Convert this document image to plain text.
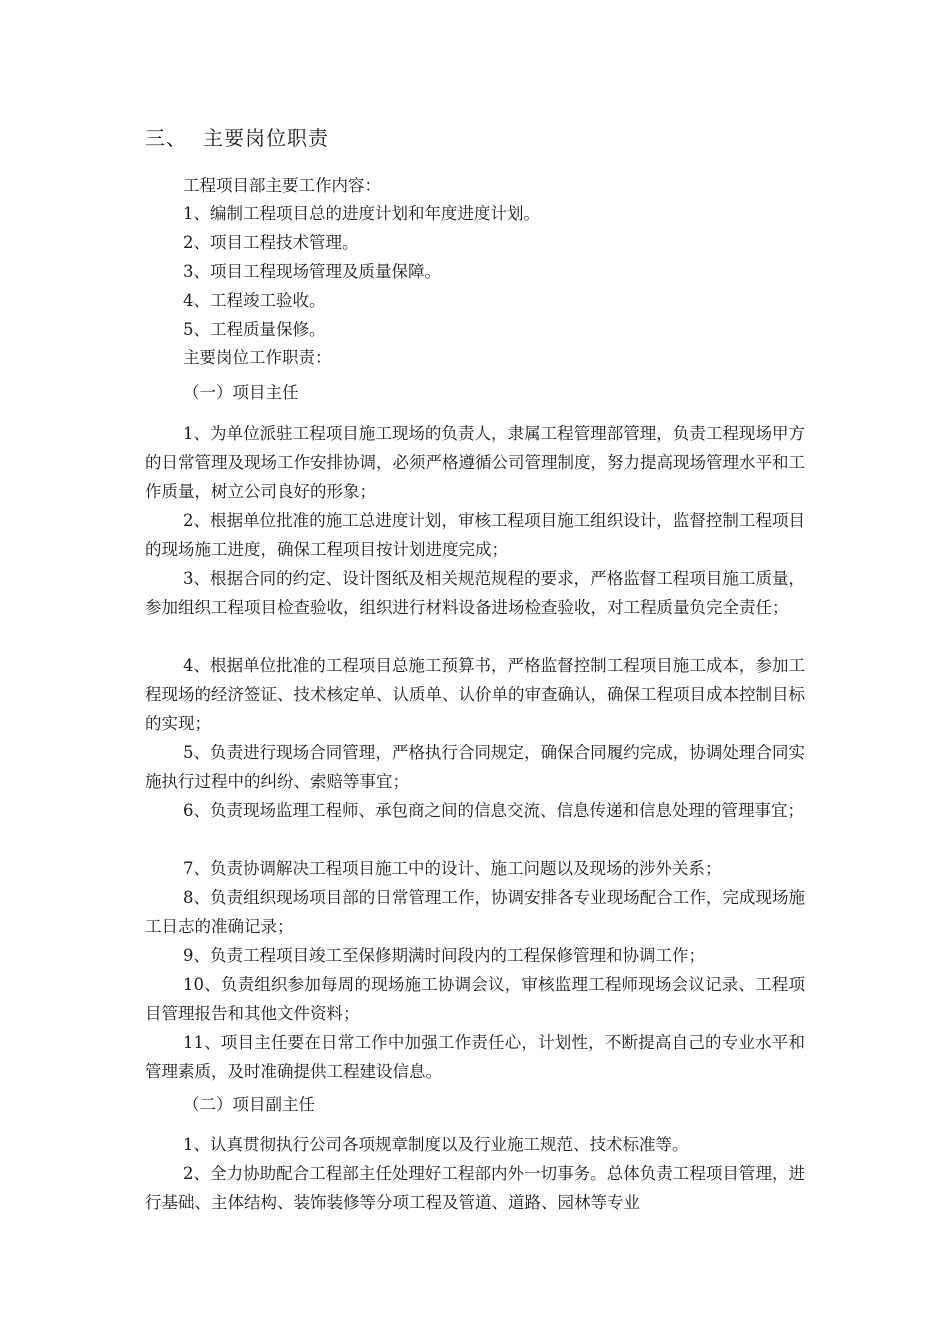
三、 主要岗位职责
工程项目部主要工作内容：
1、编制工程项目总的进度计划和年度进度计划。
2、项目工程技术管理。
3、项目工程现场管理及质量保障。
4、工程竣工验收。
5、工程质量保修。
主要岗位工作职责：
（一）项目主任
1、为单位派驻工程项目施工现场的负责人，隶属工程管理部管理，负责工程现场甲方的日常管理及现场工作安排协调，必须严格遵循公司管理制度，努力提高现场管理水平和工作质量，树立公司良好的形象；
2、根据单位批准的施工总进度计划，审核工程项目施工组织设计，监督控制工程项目的现场施工进度，确保工程项目按计划进度完成；
3、根据合同的约定、设计图纸及相关规范规程的要求，严格监督工程项目施工质量，参加组织工程项目检查验收，组织进行材料设备进场检查验收，对工程质量负完全责任；
4、根据单位批准的工程项目总施工预算书，严格监督控制工程项目施工成本，参加工程现场的经济签证、技术核定单、认质单、认价单的审查确认，确保工程项目成本控制目标的实现；
5、负责进行现场合同管理，严格执行合同规定，确保合同履约完成，协调处理合同实施执行过程中的纠纷、索赔等事宜；
6、负责现场监理工程师、承包商之间的信息交流、信息传递和信息处理的管理事宜；
7、负责协调解决工程项目施工中的设计、施工问题以及现场的涉外关系；
8、负责组织现场项目部的日常管理工作，协调安排各专业现场配合工作，完成现场施工日志的准确记录；
9、负责工程项目竣工至保修期满时间段内的工程保修管理和协调工作；
10、负责组织参加每周的现场施工协调会议，审核监理工程师现场会议记录、工程项目管理报告和其他文件资料；
11、项目主任要在日常工作中加强工作责任心，计划性，不断提高自己的专业水平和管理素质，及时准确提供工程建设信息。
（二）项目副主任
1、认真贯彻执行公司各项规章制度以及行业施工规范、技术标准等。
2、全力协助配合工程部主任处理好工程部内外一切事务。总体负责工程项目管理，进行基础、主体结构、装饰装修等分项工程及管道、道路、园林等专业
